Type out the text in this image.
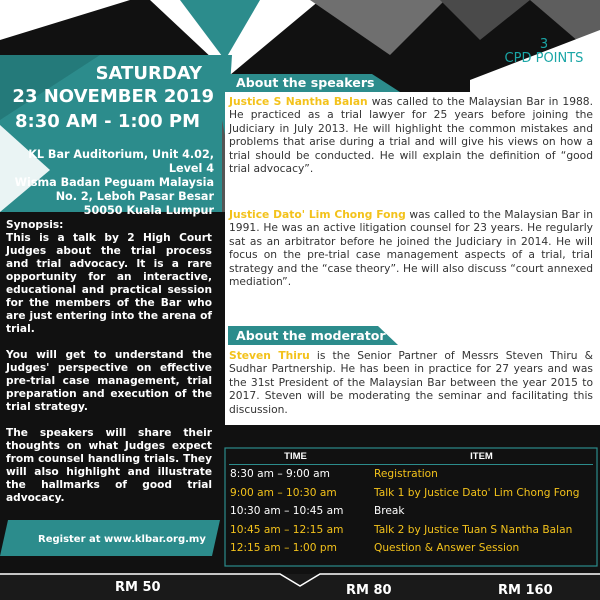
SATURDAY
23 NOVEMBER 2019
8:30 AM - 1:00 PM
KL Bar Auditorium, Unit 4.02, Level 4
Wisma Badan Peguam Malaysia
No. 2, Leboh Pasar Besar
50050 Kuala Lumpur

Synopsis:
This is a talk by 2 High Court Judges about the trial process and trial advocacy. It is a rare opportunity for an interactive, educational and practical session for the members of the Bar who are just entering into the arena of trial.

You will get to understand the Judges' perspective on effective pre-trial case management, trial preparation and execution of the trial strategy.

The speakers will share their thoughts on what Judges expect from counsel handling trials. They will also highlight and illustrate the hallmarks of good trial advocacy.

Register at www.klbar.org.my
3
CPD POINTS
About the speakers
Justice S Nantha Balan was called to the Malaysian Bar in 1988. He practiced as a trial lawyer for 25 years before joining the Judiciary in July 2013. He will highlight the common mistakes and problems that arise during a trial and will give his views on how a trial should be conducted. He will explain the definition of “good trial advocacy”.
Justice Dato' Lim Chong Fong was called to the Malaysian Bar in 1991. He was an active litigation counsel for 23 years. He regularly sat as an arbitrator before he joined the Judiciary in 2014. He will focus on the pre-trial case management aspects of a trial, trial strategy and the “case theory”. He will also discuss “court annexed mediation”.
About the moderator
Steven Thiru is the Senior Partner of Messrs Steven Thiru & Sudhar Partnership. He has been in practice for 27 years and was the 31st President of the Malaysian Bar between the year 2015 to 2017. Steven will be moderating the seminar and facilitating this discussion.
TIME	ITEM
8:30 am – 9:00 am	Registration
9:00 am – 10:30 am	Talk 1 by Justice Dato' Lim Chong Fong
10:30 am – 10:45 am	Break
10:45 am – 12:15 am	Talk 2 by Justice Tuan S Nantha Balan
12:15 am – 1:00 pm	Question & Answer Session
RM 50	RM 80	RM 160
